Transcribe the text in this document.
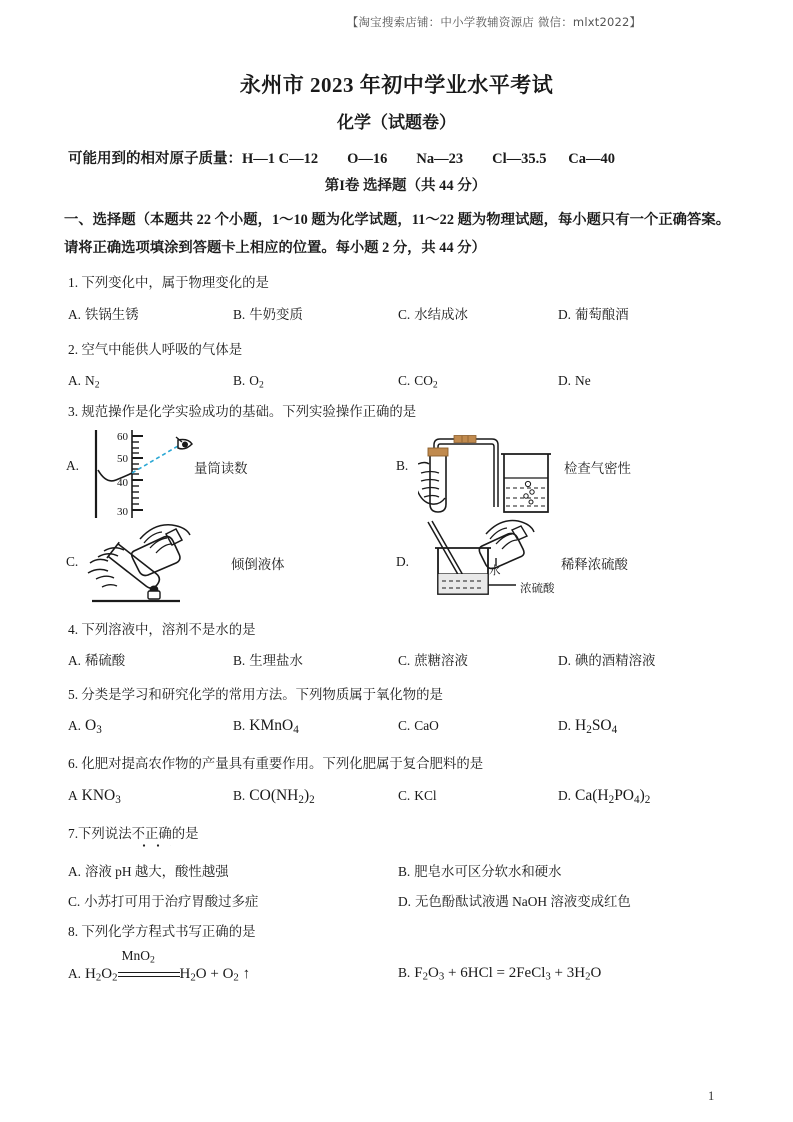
【淘宝搜索店铺：中小学教辅资源店 微信：mlxt2022】
永州市 2023 年初中学业水平考试
化学（试题卷）
可能用到的相对原子质量：H—1 C—12        O—16        Na—23        Cl—35.5      Ca—40
第I卷 选择题（共 44 分）
一、选择题（本题共 22 个小题，1～10 题为化学试题，11～22 题为物理试题，每小题只有一个正确答案。请将正确选项填涂到答题卡上相应的位置。每小题 2 分，共 44 分）
1. 下列变化中，属于物理变化的是
A. 铁锅生锈	B. 牛奶变质	C. 水结成冰	D. 葡萄酿酒
2. 空气中能供人呼吸的气体是
A. $N_2$	B. $O_2$	C. $CO_2$	D. Ne
3. 规范操作是化学实验成功的基础。下列实验操作正确的是
A.
60
50
40
30
量筒读数	B.	检查气密性
C.	倾倒液体	D.
水
浓硫酸
稀释浓硫酸
4. 下列溶液中，溶剂不是水的是
A. 稀硫酸	B. 生理盐水	C. 蔗糖溶液	D. 碘的酒精溶液
5. 分类是学习和研究化学的常用方法。下列物质属于氧化物的是
A. $O_3$	B. KMnO$_4$	C. CaO	D. $H_2SO_4$
6. 化肥对提高农作物的产量具有重要作用。下列化肥属于复合肥料的是
A $KNO_3$	B. $CO(NH_2)_2$	C. KCl	D. $Ca(H_2PO_4)_2$
7.下列说法不正确的是
A. 溶液 pH 越大，酸性越强	B. 肥皂水可区分软水和硬水
C. 小苏打可用于治疗胃酸过多症	D. 无色酚酞试液遇 NaOH 溶液变成红色
8. 下列化学方程式书写正确的是
A. $H_2O_2$
MnO$_2$
$H_2O + O_2$ ↑	B. $F_2O_3 + 6HCl$ = 2FeCl$_3$ + $3H_2O$
1
